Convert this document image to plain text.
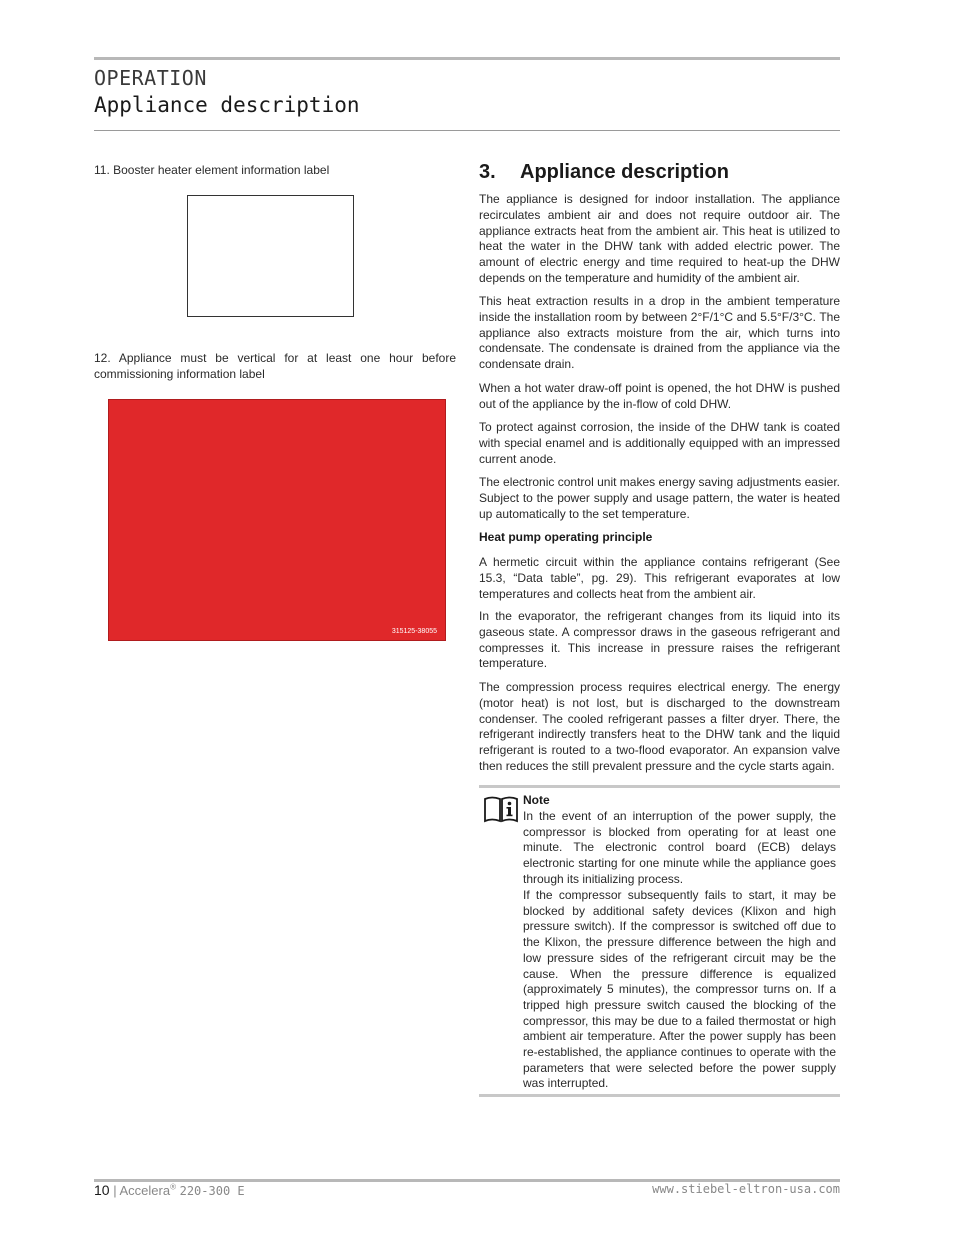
OPERATION
Appliance description
11. Booster heater element information label
12. Appliance must be vertical for at least one hour before commissioning information label
315125-38055
3. Appliance description

The appliance is designed for indoor installation. The appliance recirculates ambient air and does not require outdoor air. The appliance extracts heat from the ambient air. This heat is utilized to heat the water in the DHW tank with added electric power. The amount of electric energy and time required to heat-up the DHW depends on the temperature and humidity of the ambient air.

This heat extraction results in a drop in the ambient temperature inside the installation room by between 2°F/1°C and 5.5°F/3°C. The appliance also extracts moisture from the air, which turns into condensate. The condensate is drained from the appliance via the condensate drain.

When a hot water draw-off point is opened, the hot DHW is pushed out of the appliance by the in-flow of cold DHW.

To protect against corrosion, the inside of the DHW tank is coated with special enamel and is additionally equipped with an impressed current anode.

The electronic control unit makes energy saving adjustments easier. Subject to the power supply and usage pattern, the water is heated up automatically to the set temperature.

Heat pump operating principle

A hermetic circuit within the appliance contains refrigerant (See 15.3, “Data table”, pg. 29). This refrigerant evaporates at low temperatures and collects heat from the ambient air.

In the evaporator, the refrigerant changes from its liquid into its gaseous state. A compressor draws in the gaseous refrigerant and compresses it. This increase in pressure raises the refrigerant temperature.

The compression process requires electrical energy. The energy (motor heat) is not lost, but is discharged to the downstream condenser. The cooled refrigerant passes a filter dryer. There, the refrigerant indirectly transfers heat to the DHW tank and the liquid refrigerant is routed to a two-flood evaporator. An expansion valve then reduces the still prevalent pressure and the cycle starts again.

Note

In the event of an interruption of the power supply, the compressor is blocked from operating for at least one minute. The electronic control board (ECB) delays electronic starting for one minute while the appliance goes through its initializing process.

If the compressor subsequently fails to start, it may be blocked by additional safety devices (Klixon and high pressure switch). If the compressor is switched off due to the Klixon, the pressure difference between the high and low pressure sides of the refrigerant circuit may be the cause. When the pressure difference is equalized (approximately 5 minutes), the compressor turns on. If a tripped high pressure switch caused the blocking of the compressor, this may be due to a failed thermostat or high ambient air temperature. After the power supply has been re-established, the appliance continues to operate with the parameters that were selected before the power supply was interrupted.

10 | Accelera® 220-300 E	www.stiebel-eltron-usa.com
